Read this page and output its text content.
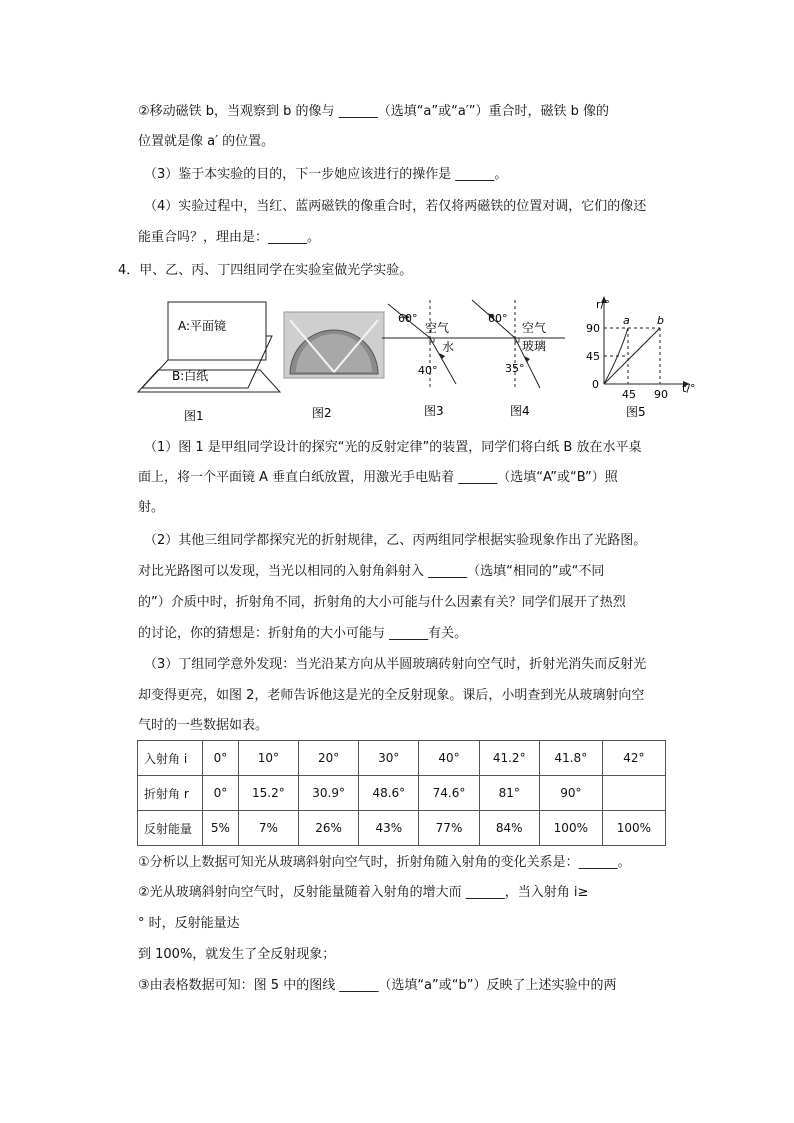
②移动磁铁 b，当观察到 b 的像与 ______（选填“a”或“a′”）重合时，磁铁 b 像的
位置就是像 a′ 的位置。
（3）鉴于本实验的目的，下一步她应该进行的操作是 ______。
（4）实验过程中，当红、蓝两磁铁的像重合时，若仅将两磁铁的位置对调，它们的像还
能重合吗？，理由是：______。
4．甲、乙、丙、丁四组同学在实验室做光学实验。
A:平面镜
B:白纸
60°
空气
水
40°
60°
空气
玻璃
35°
r/°
t/°
90
45
0
45 90
a b
图1	图2	图3	图4	图5
（1）图 1 是甲组同学设计的探究“光的反射定律”的装置，同学们将白纸 B 放在水平桌
面上，将一个平面镜 A 垂直白纸放置，用激光手电贴着 ______（选填“A”或“B”）照
射。
（2）其他三组同学都探究光的折射规律，乙、丙两组同学根据实验现象作出了光路图。
对比光路图可以发现，当光以相同的入射角斜射入 ______（选填“相同的”或“不同
的”）介质中时，折射角不同，折射角的大小可能与什么因素有关？同学们展开了热烈
的讨论，你的猜想是：折射角的大小可能与 ______有关。
（3）丁组同学意外发现：当光沿某方向从半圆玻璃砖射向空气时，折射光消失而反射光
却变得更亮，如图 2，老师告诉他这是光的全反射现象。课后，小明查到光从玻璃射向空
气时的一些数据如表。
入射角 i	0°	10°	20°	30°	40°	41.2°	41.8°	42°
折射角 r	0°	15.2°	30.9°	48.6°	74.6°	81°	90°	
反射能量	5%	7%	26%	43%	77%	84%	100%	100%
①分析以上数据可知光从玻璃斜射向空气时，折射角随入射角的变化关系是：______。
②光从玻璃斜射向空气时，反射能量随着入射角的增大而 ______，当入射角 i≥
° 时，反射能量达
到 100%，就发生了全反射现象；
③由表格数据可知：图 5 中的图线 ______（选填“a”或“b”）反映了上述实验中的两
